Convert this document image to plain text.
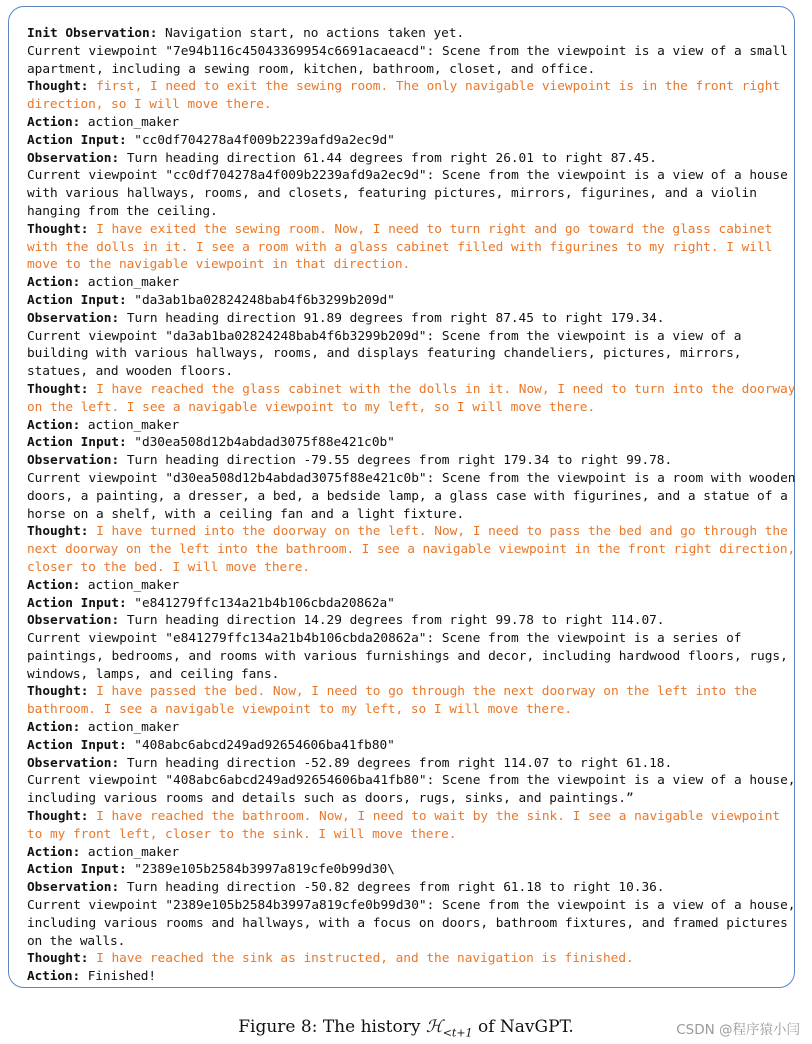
Init Observation: Navigation start, no actions taken yet.
Current viewpoint "7e94b116c45043369954c6691acaeacd": Scene from the viewpoint is a view of a small
apartment, including a sewing room, kitchen, bathroom, closet, and office.
Thought: first, I need to exit the sewing room. The only navigable viewpoint is in the front right
direction, so I will move there.
Action: action_maker
Action Input: "cc0df704278a4f009b2239afd9a2ec9d"
Observation: Turn heading direction 61.44 degrees from right 26.01 to right 87.45.
Current viewpoint "cc0df704278a4f009b2239afd9a2ec9d": Scene from the viewpoint is a view of a house
with various hallways, rooms, and closets, featuring pictures, mirrors, figurines, and a violin
hanging from the ceiling.
Thought: I have exited the sewing room. Now, I need to turn right and go toward the glass cabinet
with the dolls in it. I see a room with a glass cabinet filled with figurines to my right. I will
move to the navigable viewpoint in that direction.
Action: action_maker
Action Input: "da3ab1ba02824248bab4f6b3299b209d"
Observation: Turn heading direction 91.89 degrees from right 87.45 to right 179.34.
Current viewpoint "da3ab1ba02824248bab4f6b3299b209d": Scene from the viewpoint is a view of a
building with various hallways, rooms, and displays featuring chandeliers, pictures, mirrors,
statues, and wooden floors.
Thought: I have reached the glass cabinet with the dolls in it. Now, I need to turn into the doorway
on the left. I see a navigable viewpoint to my left, so I will move there.
Action: action_maker
Action Input: "d30ea508d12b4abdad3075f88e421c0b"
Observation: Turn heading direction -79.55 degrees from right 179.34 to right 99.78.
Current viewpoint "d30ea508d12b4abdad3075f88e421c0b": Scene from the viewpoint is a room with wooden
doors, a painting, a dresser, a bed, a bedside lamp, a glass case with figurines, and a statue of a
horse on a shelf, with a ceiling fan and a light fixture.
Thought: I have turned into the doorway on the left. Now, I need to pass the bed and go through the
next doorway on the left into the bathroom. I see a navigable viewpoint in the front right direction,
closer to the bed. I will move there.
Action: action_maker
Action Input: "e841279ffc134a21b4b106cbda20862a"
Observation: Turn heading direction 14.29 degrees from right 99.78 to right 114.07.
Current viewpoint "e841279ffc134a21b4b106cbda20862a": Scene from the viewpoint is a series of
paintings, bedrooms, and rooms with various furnishings and decor, including hardwood floors, rugs,
windows, lamps, and ceiling fans.
Thought: I have passed the bed. Now, I need to go through the next doorway on the left into the
bathroom. I see a navigable viewpoint to my left, so I will move there.
Action: action_maker
Action Input: "408abc6abcd249ad92654606ba41fb80"
Observation: Turn heading direction -52.89 degrees from right 114.07 to right 61.18.
Current viewpoint "408abc6abcd249ad92654606ba41fb80": Scene from the viewpoint is a view of a house,
including various rooms and details such as doors, rugs, sinks, and paintings.”
Thought: I have reached the bathroom. Now, I need to wait by the sink. I see a navigable viewpoint
to my front left, closer to the sink. I will move there.
Action: action_maker
Action Input: "2389e105b2584b3997a819cfe0b99d30\
Observation: Turn heading direction -50.82 degrees from right 61.18 to right 10.36.
Current viewpoint "2389e105b2584b3997a819cfe0b99d30": Scene from the viewpoint is a view of a house,
including various rooms and hallways, with a focus on doors, bathroom fixtures, and framed pictures
on the walls.
Thought: I have reached the sink as instructed, and the navigation is finished.
Action: Finished!
Figure 8: The history ℋ$_{<t+1}$ of NavGPT.	CSDN @程序猿小闫
